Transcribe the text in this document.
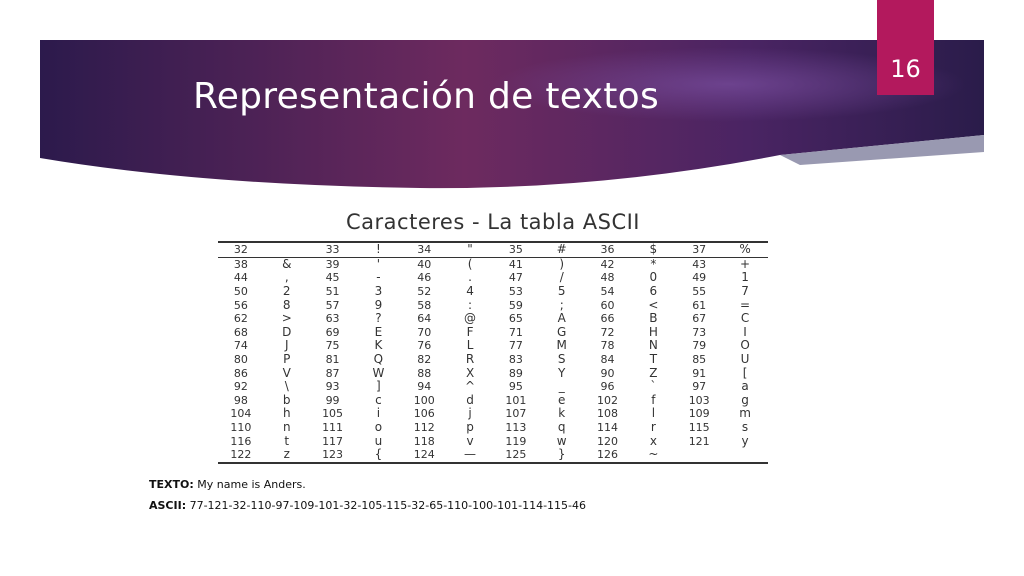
Representación de textos
16
Caracteres - La tabla ASCII
32		33	!	34	"	35	#	36	$	37	%
38	&	39	'	40	(	41	)	42	*	43	+
44	,	45	-	46	.	47	/	48	0	49	1
50	2	51	3	52	4	53	5	54	6	55	7
56	8	57	9	58	:	59	;	60	<	61	=
62	>	63	?	64	@	65	A	66	B	67	C
68	D	69	E	70	F	71	G	72	H	73	I
74	J	75	K	76	L	77	M	78	N	79	O
80	P	81	Q	82	R	83	S	84	T	85	U
86	V	87	W	88	X	89	Y	90	Z	91	[
92	\	93	]	94	^	95	_	96	`	97	a
98	b	99	c	100	d	101	e	102	f	103	g
104	h	105	i	106	j	107	k	108	l	109	m
110	n	111	o	112	p	113	q	114	r	115	s
116	t	117	u	118	v	119	w	120	x	121	y
122	z	123	{	124	—	125	}	126	~		
TEXTO: My name is Anders.
ASCII: 77-121-32-110-97-109-101-32-105-115-32-65-110-100-101-114-115-46
